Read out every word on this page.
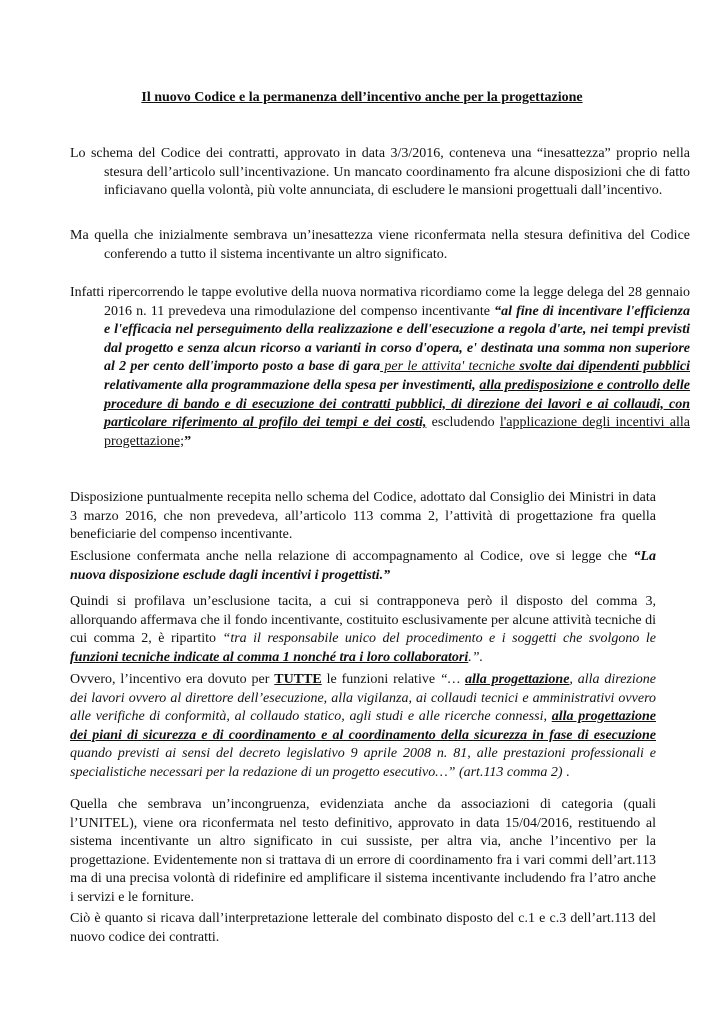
Il nuovo Codice e la permanenza dell’incentivo anche per la progettazione

Lo schema del Codice dei contratti, approvato in data 3/3/2016, conteneva una “inesattezza” proprio nella stesura dell’articolo sull’incentivazione. Un mancato coordinamento fra alcune disposizioni che di fatto inficiavano quella volontà, più volte annunciata, di escludere le mansioni progettuali dall’incentivo.

Ma quella che inizialmente sembrava un’inesattezza viene riconfermata nella stesura definitiva del Codice conferendo a tutto il sistema incentivante un altro significato.

Infatti ripercorrendo le tappe evolutive della nuova normativa ricordiamo come la legge delega del 28 gennaio 2016 n. 11 prevedeva una rimodulazione del compenso incentivante “al fine di incentivare l'efficienza e l'efficacia nel perseguimento della realizzazione e dell'esecuzione a regola d'arte, nei tempi previsti dal progetto e senza alcun ricorso a varianti in corso d'opera, e' destinata una somma non superiore al 2 per cento dell'importo posto a base di gara per le attivita' tecniche svolte dai dipendenti pubblici relativamente alla programmazione della spesa per investimenti, alla predisposizione e controllo delle procedure di bando e di esecuzione dei contratti pubblici, di direzione dei lavori e ai collaudi, con particolare riferimento al profilo dei tempi e dei costi, escludendo l'applicazione degli incentivi alla progettazione;”

Disposizione puntualmente recepita nello schema del Codice, adottato dal Consiglio dei Ministri in data 3 marzo 2016, che non prevedeva, all’articolo 113 comma 2, l’attività di progettazione fra quella beneficiarie del compenso incentivante.

Esclusione confermata anche nella relazione di accompagnamento al Codice, ove si legge che “La nuova disposizione esclude dagli incentivi i progettisti.”

Quindi si profilava un’esclusione tacita, a cui si contrapponeva però il disposto del comma 3, allorquando affermava che il fondo incentivante, costituito esclusivamente per alcune attività tecniche di cui comma 2, è ripartito “tra il responsabile unico del procedimento e i soggetti che svolgono le funzioni tecniche indicate al comma 1 nonché tra i loro collaboratori.”.

Ovvero, l’incentivo era dovuto per TUTTE le funzioni relative “… alla progettazione, alla direzione dei lavori ovvero al direttore dell’esecuzione, alla vigilanza, ai collaudi tecnici e amministrativi ovvero alle verifiche di conformità, al collaudo statico, agli studi e alle ricerche connessi, alla progettazione dei piani di sicurezza e di coordinamento e al coordinamento della sicurezza in fase di esecuzione quando previsti ai sensi del decreto legislativo 9 aprile 2008 n. 81, alle prestazioni professionali e specialistiche necessari per la redazione di un progetto esecutivo…” (art.113 comma 2) .

Quella che sembrava un’incongruenza, evidenziata anche da associazioni di categoria (quali l’UNITEL), viene ora riconfermata nel testo definitivo, approvato in data 15/04/2016, restituendo al sistema incentivante un altro significato in cui sussiste, per altra via, anche l’incentivo per la progettazione. Evidentemente non si trattava di un errore di coordinamento fra i vari commi dell’art.113 ma di una precisa volontà di ridefinire ed amplificare il sistema incentivante includendo fra l’atro anche i servizi e le forniture.

Ciò è quanto si ricava dall’interpretazione letterale del combinato disposto del c.1 e c.3 dell’art.113 del nuovo codice dei contratti.
